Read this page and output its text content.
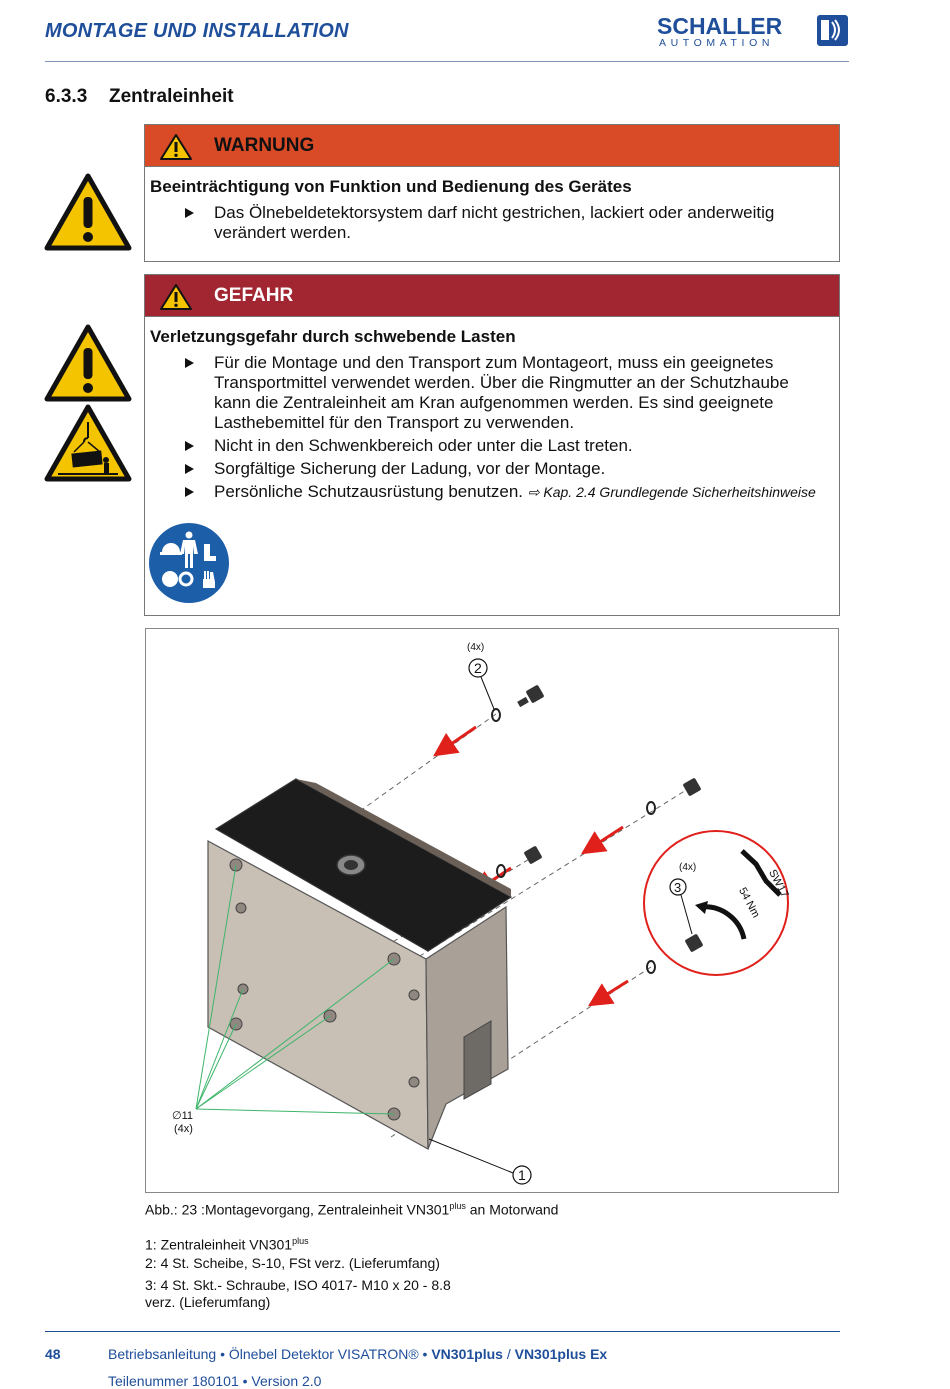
MONTAGE UND INSTALLATION	SCHALLER
AUTOMATION
6.3.3 Zentraleinheit
WARNUNG
Beeinträchtigung von Funktion und Bedienung des Gerätes
Das Ölnebeldetektorsystem darf nicht gestrichen, lackiert oder anderweitig verändert werden.
GEFAHR
Verletzungsgefahr durch schwebende Lasten
Für die Montage und den Transport zum Montageort, muss ein geeignetes Transportmittel verwendet werden. Über die Ringmutter an der Schutzhaube kann die Zentraleinheit am Kran aufgenommen werden. Es sind geeignete Lasthebemittel für den Transport zu verwenden.
Nicht in den Schwenkbereich oder unter die Last treten.
Sorgfältige Sicherung der Ladung, vor der Montage.
Persönliche Schutzausrüstung benutzen. ⇨ Kap. 2.4 Grundlegende Sicherheitshinweise
(4x)
2
1
∅11
(4x)
(4x)
3	54 Nm
SW17
Abb.: 23 :Montagevorgang, Zentraleinheit $VN301^{plus}$ an Motorwand
1: Zentraleinheit $VN301^{plus}$
2: 4 St. Scheibe, S-10, FSt verz. (Lieferumfang)
3: 4 St. Skt.- Schraube, ISO 4017- M10 x 20 - 8.8
verz. (Lieferumfang)
48	Betriebsanleitung • Ölnebel Detektor VISATRON® • VN301plus / VN301plus Ex
Teilenummer 180101 • Version 2.0
